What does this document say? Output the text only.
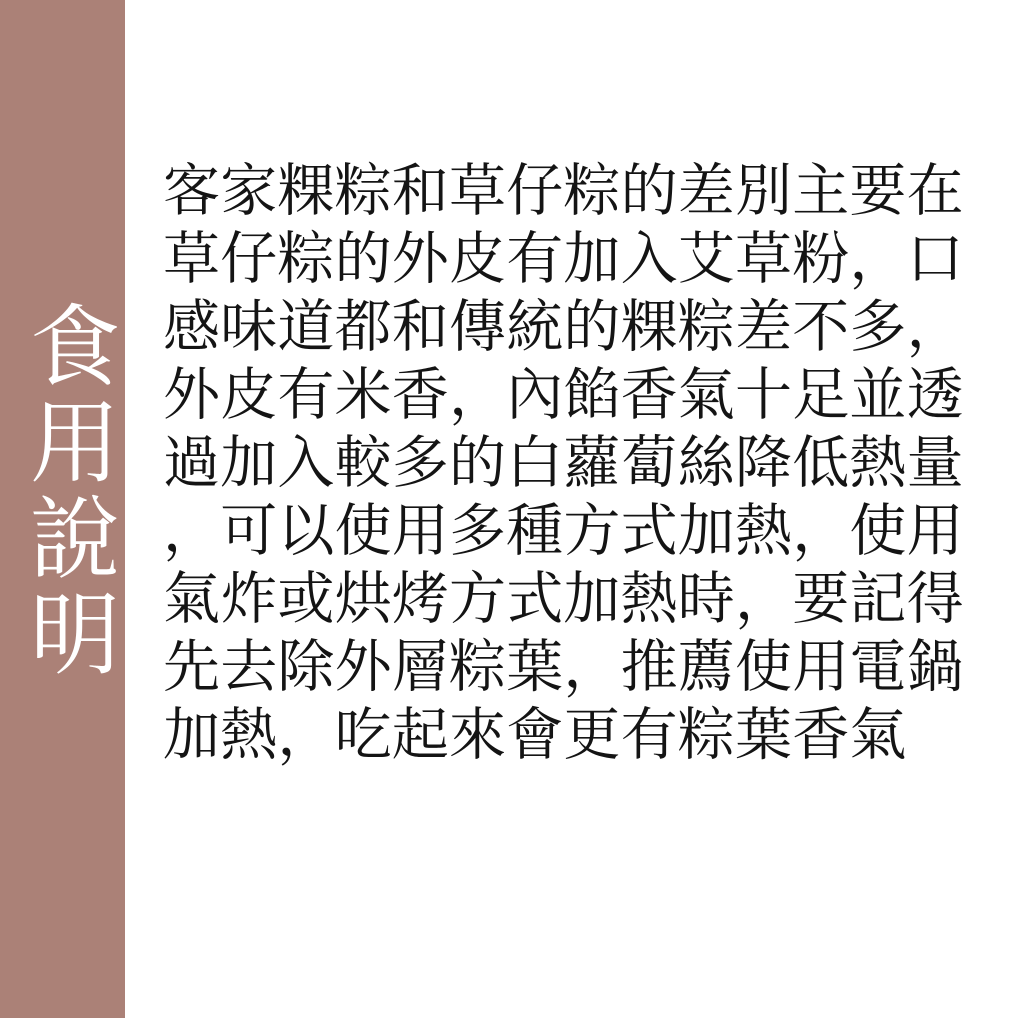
食用說明

客家粿粽和草仔粽的差別主要在

草仔粽的外皮有加入艾草粉，口

感味道都和傳統的粿粽差不多，

外皮有米香，內餡香氣十足並透

過加入較多的白蘿蔔絲降低熱量

，可以使用多種方式加熱，使用

氣炸或烘烤方式加熱時，要記得

先去除外層粽葉，推薦使用電鍋

加熱，吃起來會更有粽葉香氣
